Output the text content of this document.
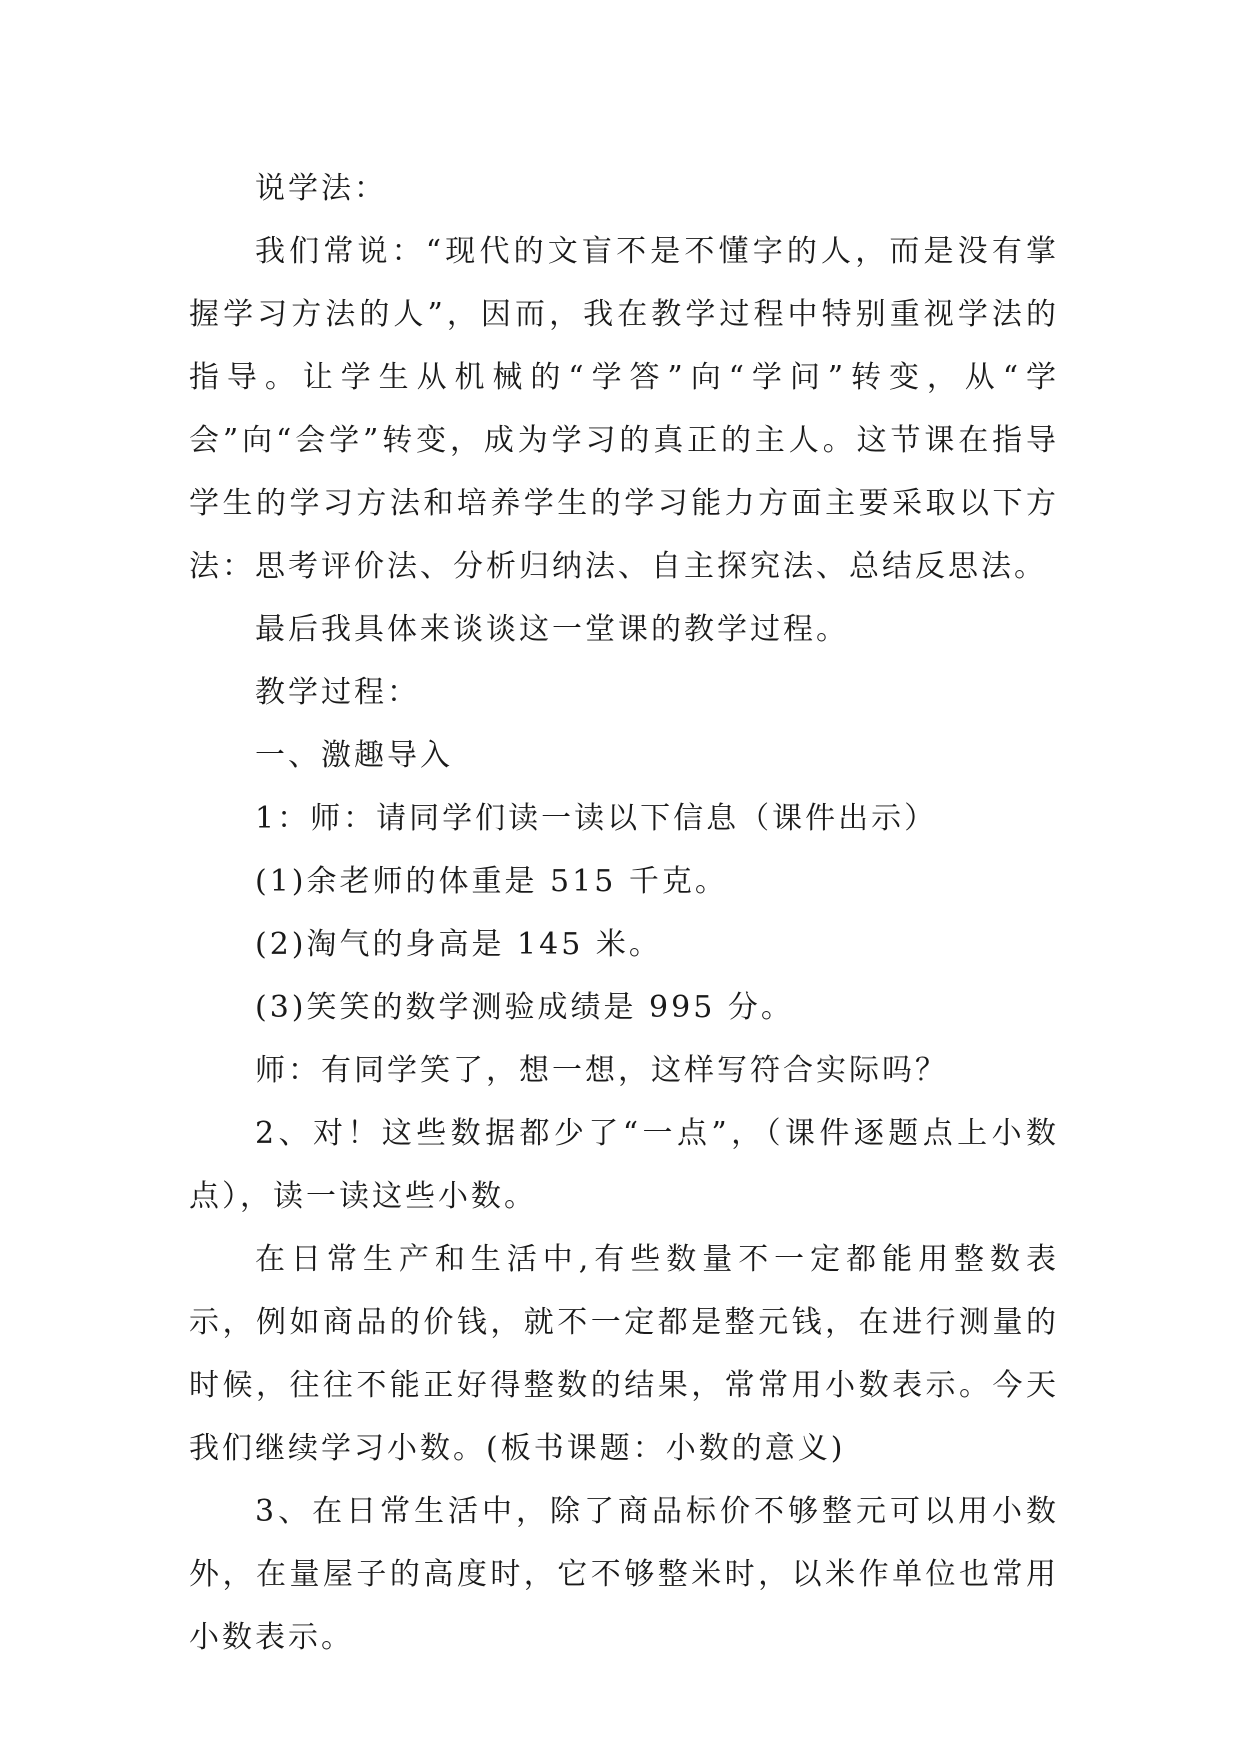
说学法：

我们常说：“现代的文盲不是不懂字的人，而是没有掌握学习方法的人”，因而，我在教学过程中特别重视学法的指导。让学生从机械的“学答”向“学问”转变，从“学会”向“会学”转变，成为学习的真正的主人。这节课在指导学生的学习方法和培养学生的学习能力方面主要采取以下方法：思考评价法、分析归纳法、自主探究法、总结反思法。

最后我具体来谈谈这一堂课的教学过程。

教学过程：

一、激趣导入

1：师：请同学们读一读以下信息（课件出示）

(1)余老师的体重是 515 千克。

(2)淘气的身高是 145 米。

(3)笑笑的数学测验成绩是 995 分。

师：有同学笑了，想一想，这样写符合实际吗？

2、对！这些数据都少了“一点”，（课件逐题点上小数点），读一读这些小数。

在日常生产和生活中,有些数量不一定都能用整数表示，例如商品的价钱，就不一定都是整元钱，在进行测量的时候，往往不能正好得整数的结果，常常用小数表示。今天我们继续学习小数。(板书课题：小数的意义)

3、在日常生活中，除了商品标价不够整元可以用小数外，在量屋子的高度时，它不够整米时，以米作单位也常用小数表示。
